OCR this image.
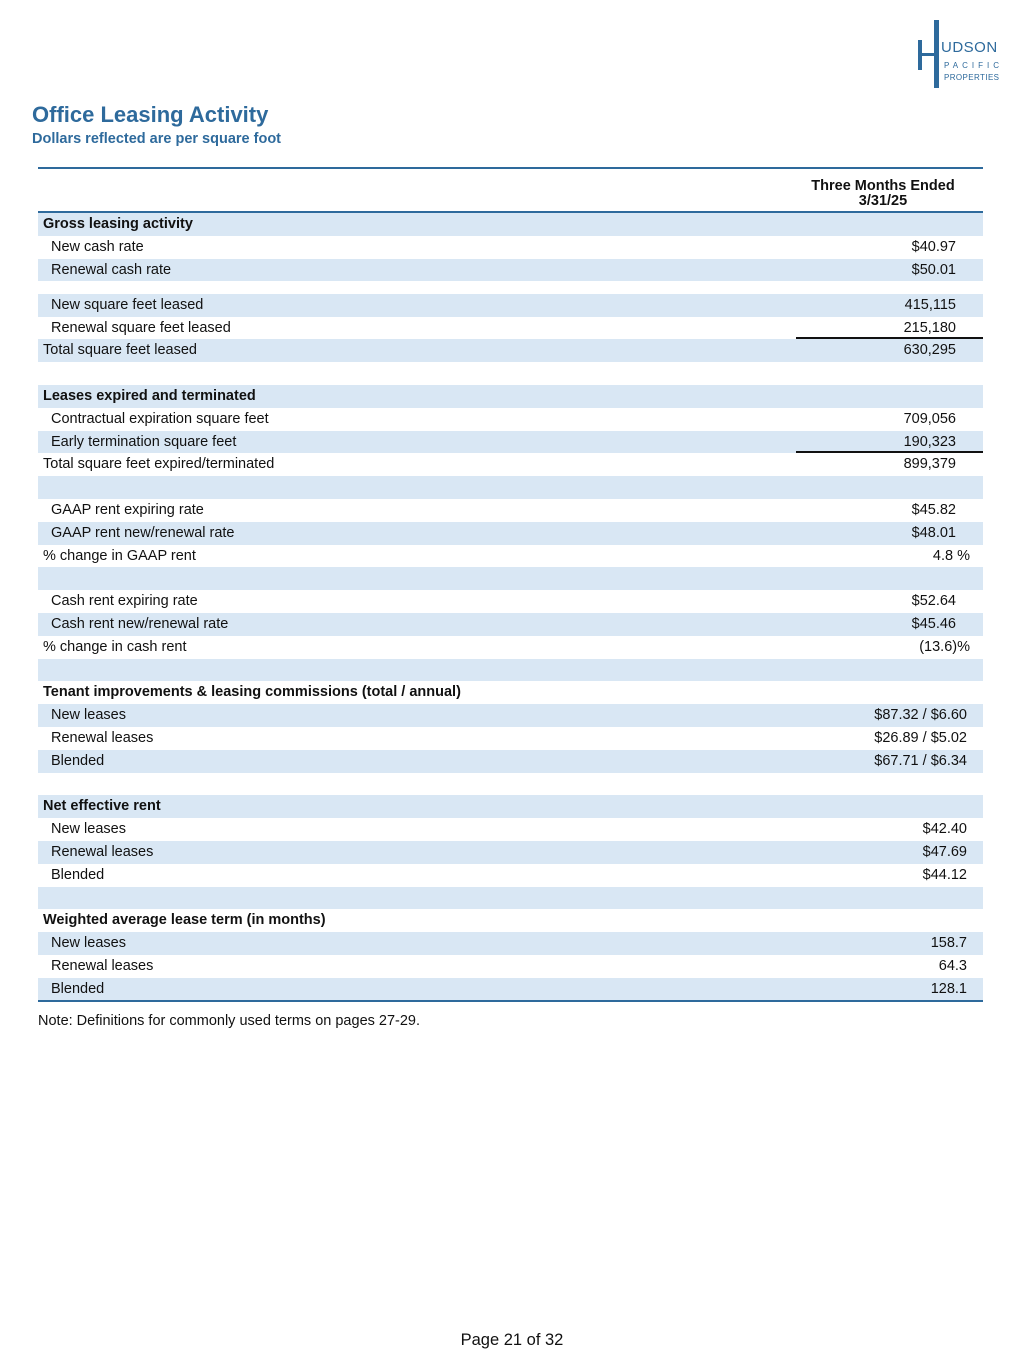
UDSON
PACIFIC
PROPERTIES
Office Leasing Activity
Dollars reflected are per square foot
Three Months Ended
3/31/25
Gross leasing activity
New cash rate	$40.97
Renewal cash rate	$50.01
New square feet leased	415,115
Renewal square feet leased	215,180
Total square feet leased	630,295
Leases expired and terminated
Contractual expiration square feet	709,056
Early termination square feet	190,323
Total square feet expired/terminated	899,379
GAAP rent expiring rate	$45.82
GAAP rent new/renewal rate	$48.01
% change in GAAP rent	4.8 %
Cash rent expiring rate	$52.64
Cash rent new/renewal rate	$45.46
% change in cash rent	(13.6)%
Tenant improvements & leasing commissions (total / annual)
New leases	$87.32 / $6.60
Renewal leases	$26.89 / $5.02
Blended	$67.71 / $6.34
Net effective rent
New leases	$42.40
Renewal leases	$47.69
Blended	$44.12
Weighted average lease term (in months)
New leases	158.7
Renewal leases	64.3
Blended	128.1
Note: Definitions for commonly used terms on pages 27-29.
Page 21 of 32
